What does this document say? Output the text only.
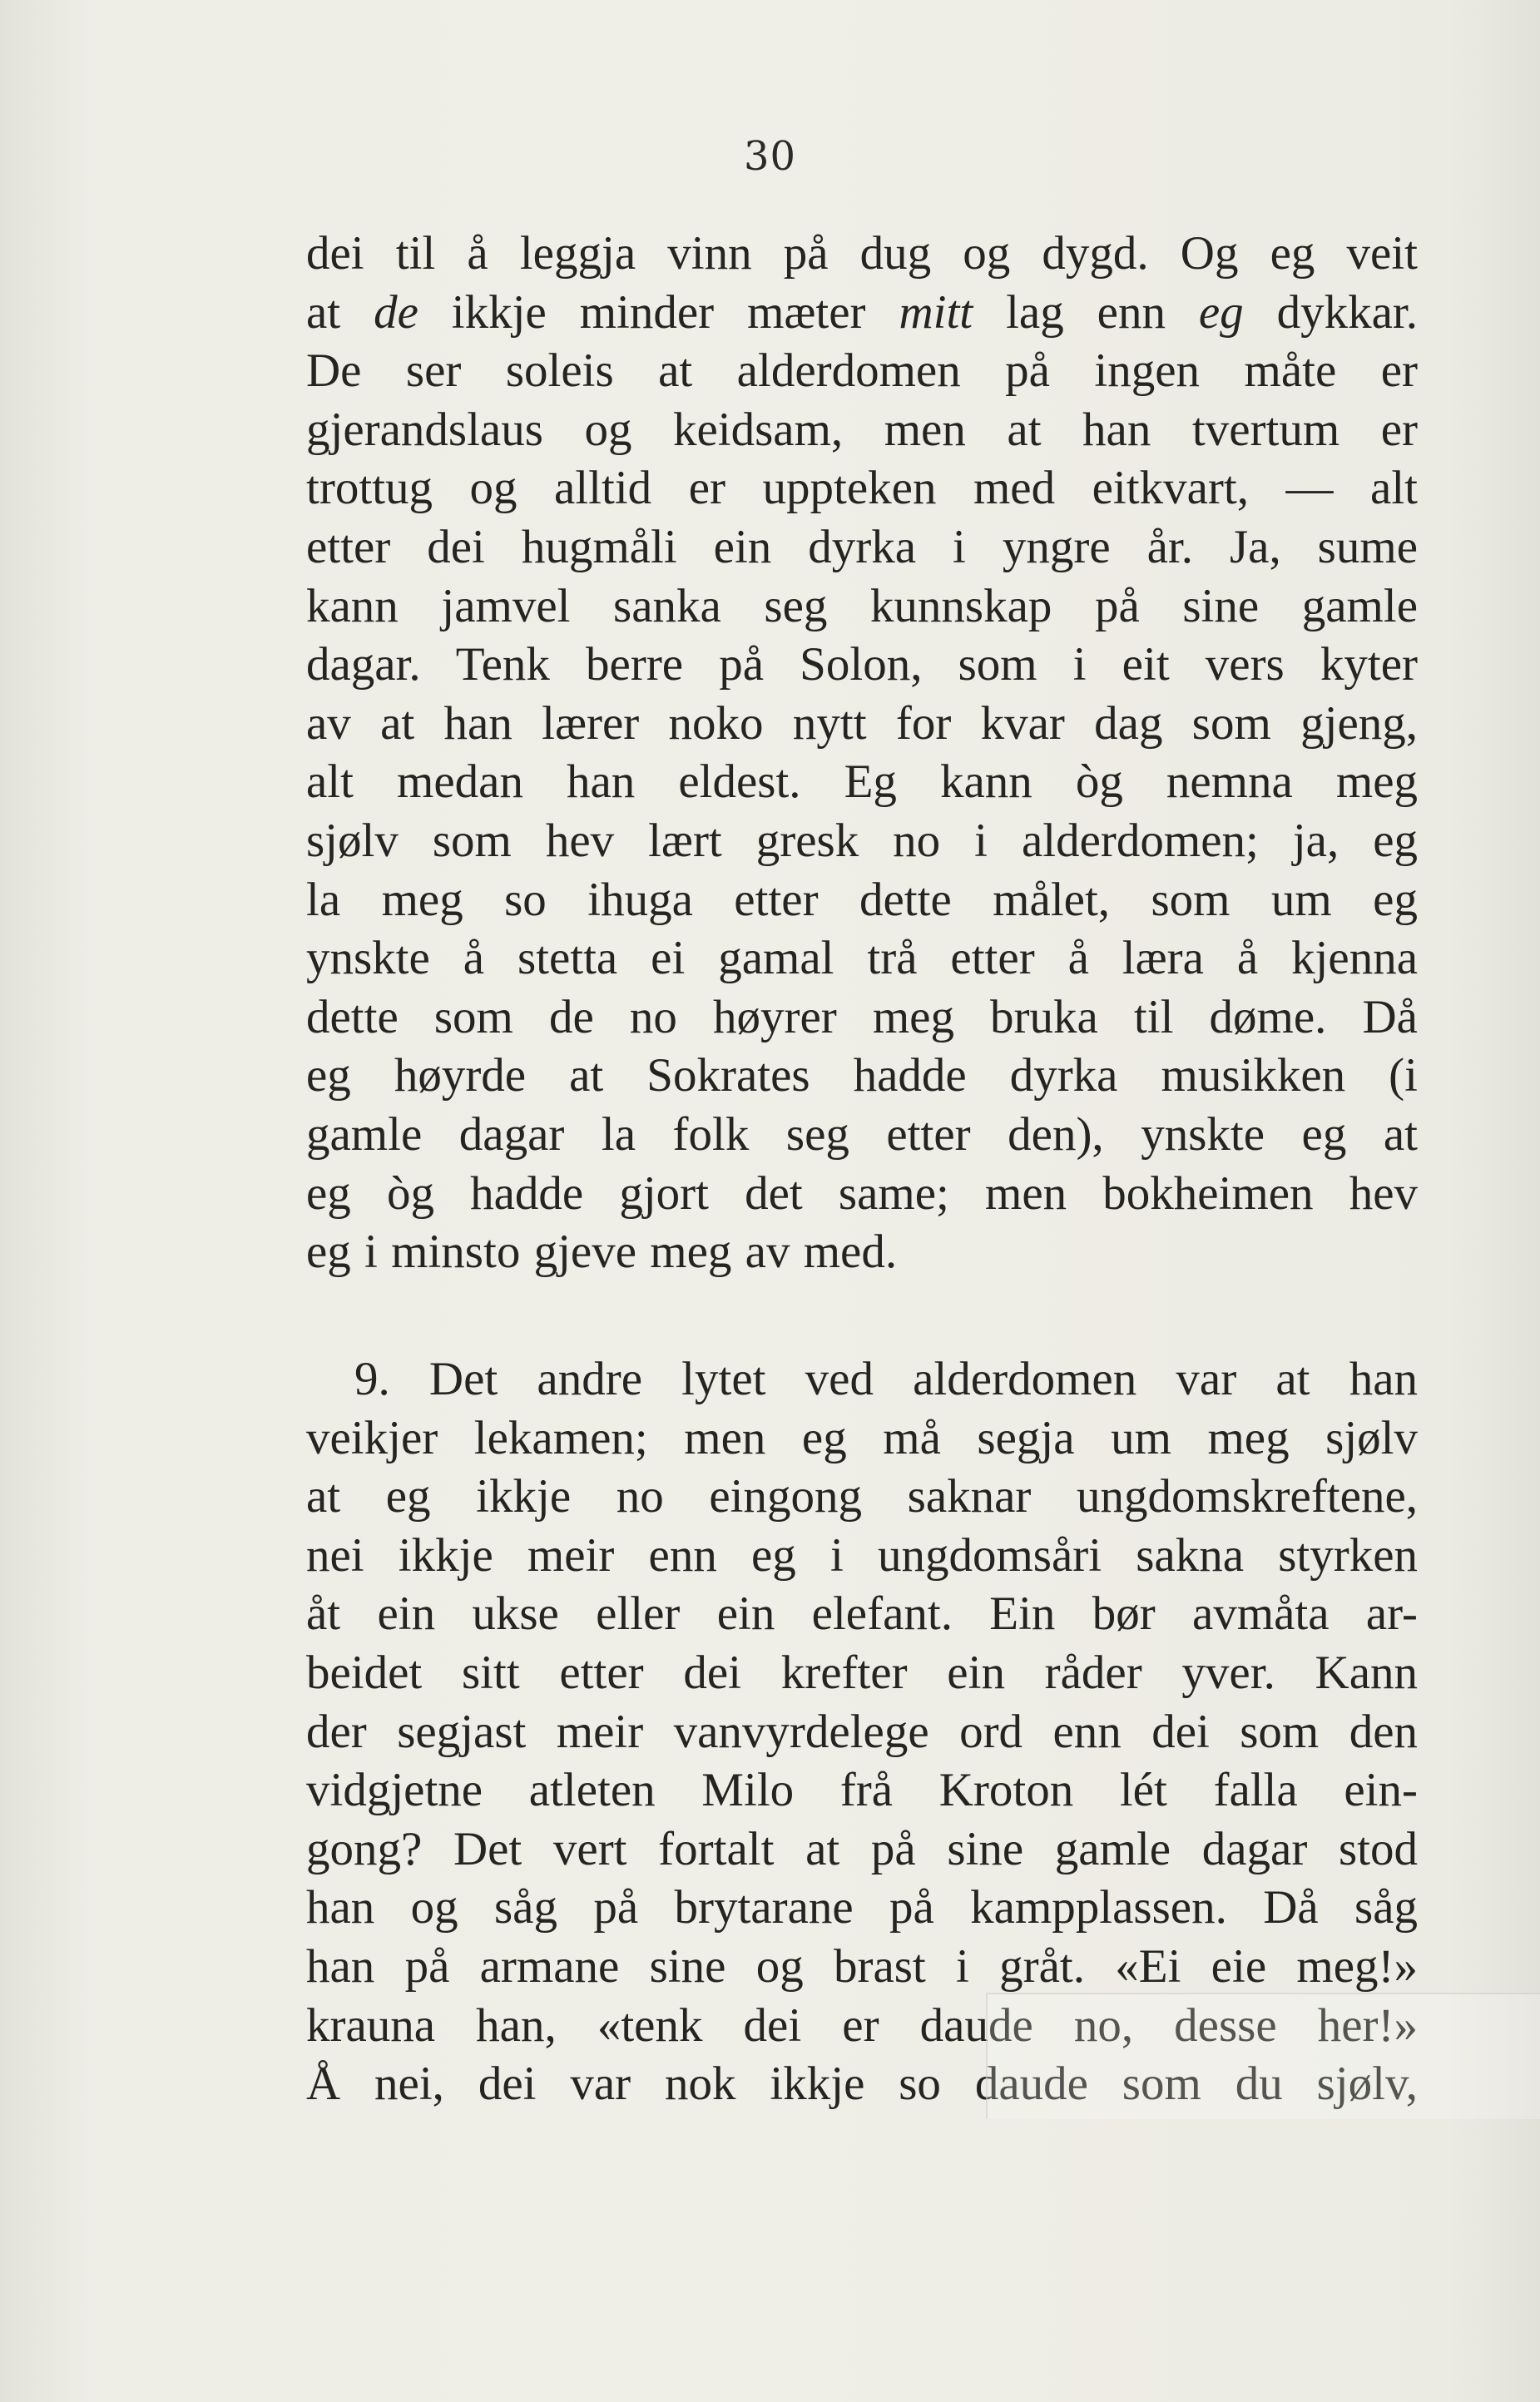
30
dei til å leggja vinn på dug og dygd. Og eg veit
at de ikkje minder mæter mitt lag enn eg dykkar.
De ser soleis at alderdomen på ingen måte er
gjerandslaus og keidsam, men at han tvertum er
trottug og alltid er uppteken med eitkvart, — alt
etter dei hugmåli ein dyrka i yngre år. Ja, sume
kann jamvel sanka seg kunnskap på sine gamle
dagar. Tenk berre på Solon, som i eit vers kyter
av at han lærer noko nytt for kvar dag som gjeng,
alt medan han eldest. Eg kann òg nemna meg
sjølv som hev lært gresk no i alderdomen; ja, eg
la meg so ihuga etter dette målet, som um eg
ynskte å stetta ei gamal trå etter å læra å kjenna
dette som de no høyrer meg bruka til døme. Då
eg høyrde at Sokrates hadde dyrka musikken (i
gamle dagar la folk seg etter den), ynskte eg at
eg òg hadde gjort det same; men bokheimen hev
eg i minsto gjeve meg av med.
9. Det andre lytet ved alderdomen var at han
veikjer lekamen; men eg må segja um meg sjølv
at eg ikkje no eingong saknar ungdomskreftene,
nei ikkje meir enn eg i ungdomsåri sakna styrken
åt ein ukse eller ein elefant. Ein bør avmåta ar-
beidet sitt etter dei krefter ein råder yver. Kann
der segjast meir vanvyrdelege ord enn dei som den
vidgjetne atleten Milo frå Kroton lét falla ein-
gong? Det vert fortalt at på sine gamle dagar stod
han og såg på brytarane på kampplassen. Då såg
han på armane sine og brast i gråt. «Ei eie meg!»
krauna han, «tenk dei er daude no, desse her!»
Å nei, dei var nok ikkje so daude som du sjølv,
